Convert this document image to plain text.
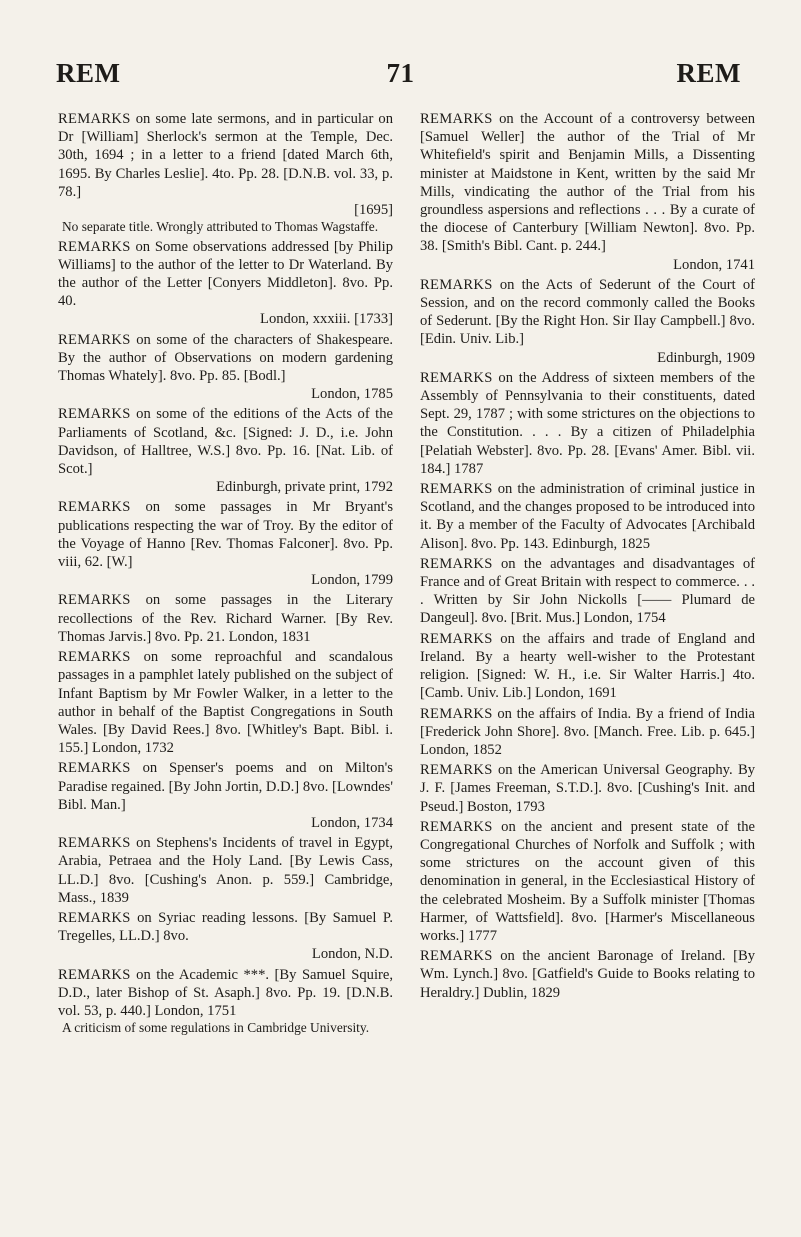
REM	71	REM
REMARKS on some late sermons, and in particular on Dr [William] Sherlock's sermon at the Temple, Dec. 30th, 1694 ; in a letter to a friend [dated March 6th, 1695. By Charles Leslie]. 4to. Pp. 28. [D.N.B. vol. 33, p. 78.]
[1695]
No separate title. Wrongly attributed to Thomas Wagstaffe.
REMARKS on Some observations addressed [by Philip Williams] to the author of the letter to Dr Waterland. By the author of the Letter [Conyers Middleton]. 8vo. Pp. 40.
London, xxxiii. [1733]
REMARKS on some of the characters of Shakespeare. By the author of Observations on modern gardening Thomas Whately]. 8vo. Pp. 85. [Bodl.]
London, 1785
REMARKS on some of the editions of the Acts of the Parliaments of Scotland, &c. [Signed: J. D., i.e. John Davidson, of Halltree, W.S.] 8vo. Pp. 16. [Nat. Lib. of Scot.]
Edinburgh, private print, 1792
REMARKS on some passages in Mr Bryant's publications respecting the war of Troy. By the editor of the Voyage of Hanno [Rev. Thomas Falconer]. 8vo. Pp. viii, 62. [W.]
London, 1799
REMARKS on some passages in the Literary recollections of the Rev. Richard Warner. [By Rev. Thomas Jarvis.] 8vo. Pp. 21. London, 1831
REMARKS on some reproachful and scandalous passages in a pamphlet lately published on the subject of Infant Baptism by Mr Fowler Walker, in a letter to the author in behalf of the Baptist Congregations in South Wales. [By David Rees.] 8vo. [Whitley's Bapt. Bibl. i. 155.] London, 1732
REMARKS on Spenser's poems and on Milton's Paradise regained. [By John Jortin, D.D.] 8vo. [Lowndes' Bibl. Man.]
London, 1734
REMARKS on Stephens's Incidents of travel in Egypt, Arabia, Petraea and the Holy Land. [By Lewis Cass, LL.D.] 8vo. [Cushing's Anon. p. 559.] Cambridge, Mass., 1839
REMARKS on Syriac reading lessons. [By Samuel P. Tregelles, LL.D.] 8vo.
London, N.D.
REMARKS on the Academic ***. [By Samuel Squire, D.D., later Bishop of St. Asaph.] 8vo. Pp. 19. [D.N.B. vol. 53, p. 440.] London, 1751
A criticism of some regulations in Cambridge University.
REMARKS on the Account of a controversy between [Samuel Weller] the author of the Trial of Mr Whitefield's spirit and Benjamin Mills, a Dissenting minister at Maidstone in Kent, written by the said Mr Mills, vindicating the author of the Trial from his groundless aspersions and reflections . . . By a curate of the diocese of Canterbury [William Newton]. 8vo. Pp. 38. [Smith's Bibl. Cant. p. 244.]
London, 1741
REMARKS on the Acts of Sederunt of the Court of Session, and on the record commonly called the Books of Sederunt. [By the Right Hon. Sir Ilay Campbell.] 8vo. [Edin. Univ. Lib.]
Edinburgh, 1909
REMARKS on the Address of sixteen members of the Assembly of Pennsylvania to their constituents, dated Sept. 29, 1787 ; with some strictures on the objections to the Constitution. . . . By a citizen of Philadelphia [Pelatiah Webster]. 8vo. Pp. 28. [Evans' Amer. Bibl. vii. 184.] 1787
REMARKS on the administration of criminal justice in Scotland, and the changes proposed to be introduced into it. By a member of the Faculty of Advocates [Archibald Alison]. 8vo. Pp. 143. Edinburgh, 1825
REMARKS on the advantages and disadvantages of France and of Great Britain with respect to commerce. . . . Written by Sir John Nickolls [—— Plumard de Dangeul]. 8vo. [Brit. Mus.] London, 1754
REMARKS on the affairs and trade of England and Ireland. By a hearty well-wisher to the Protestant religion. [Signed: W. H., i.e. Sir Walter Harris.] 4to. [Camb. Univ. Lib.] London, 1691
REMARKS on the affairs of India. By a friend of India [Frederick John Shore]. 8vo. [Manch. Free. Lib. p. 645.] London, 1852
REMARKS on the American Universal Geography. By J. F. [James Freeman, S.T.D.]. 8vo. [Cushing's Init. and Pseud.] Boston, 1793
REMARKS on the ancient and present state of the Congregational Churches of Norfolk and Suffolk ; with some strictures on the account given of this denomination in general, in the Ecclesiastical History of the celebrated Mosheim. By a Suffolk minister [Thomas Harmer, of Wattsfield]. 8vo. [Harmer's Miscellaneous works.] 1777
REMARKS on the ancient Baronage of Ireland. [By Wm. Lynch.] 8vo. [Gatfield's Guide to Books relating to Heraldry.] Dublin, 1829
